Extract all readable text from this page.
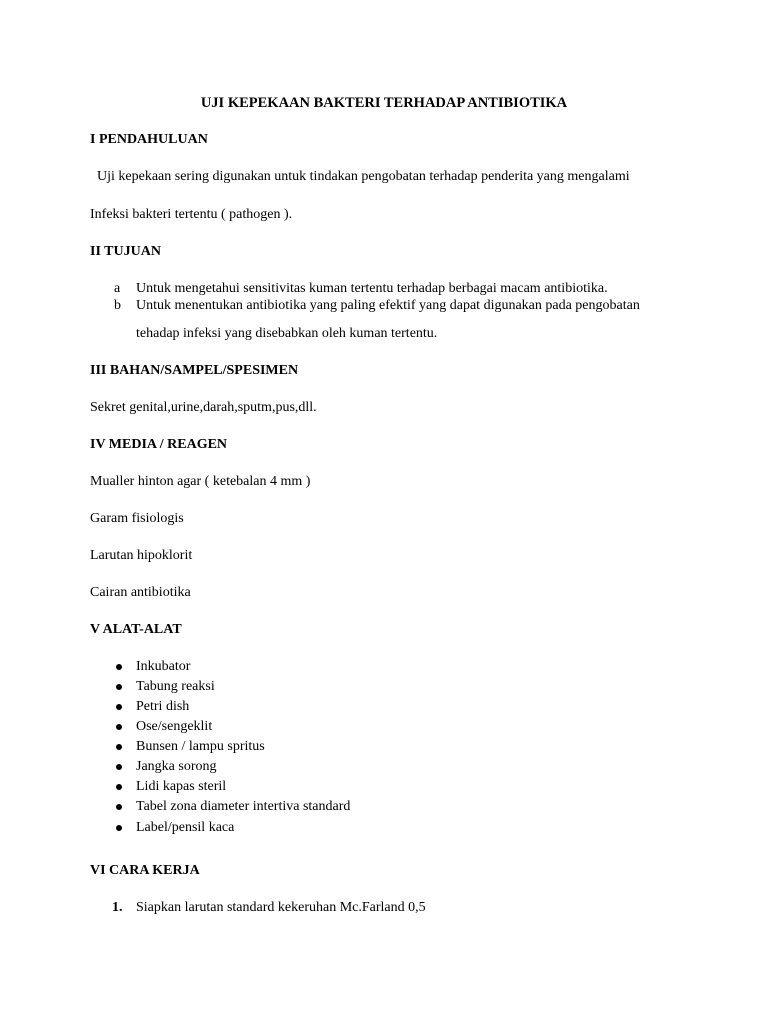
UJI KEPEKAAN BAKTERI TERHADAP ANTIBIOTIKA
I PENDAHULUAN
Uji kepekaan sering digunakan untuk tindakan pengobatan terhadap penderita yang mengalami
Infeksi bakteri tertentu ( pathogen ).
II TUJUAN
a Untuk mengetahui sensitivitas kuman tertentu terhadap berbagai macam antibiotika.
b Untuk menentukan antibiotika yang paling efektif yang dapat digunakan pada pengobatan
tehadap infeksi yang disebabkan oleh kuman tertentu.
III BAHAN/SAMPEL/SPESIMEN
Sekret genital,urine,darah,sputm,pus,dll.
IV MEDIA / REAGEN
Mualler hinton agar ( ketebalan 4 mm )
Garam fisiologis
Larutan hipoklorit
Cairan antibiotika
V ALAT-ALAT
Inkubator
Tabung reaksi
Petri dish
Ose/sengeklit
Bunsen / lampu spritus
Jangka sorong
Lidi kapas steril
Tabel zona diameter intertiva standard
Label/pensil kaca
VI CARA KERJA
1. Siapkan larutan standard kekeruhan Mc.Farland 0,5
